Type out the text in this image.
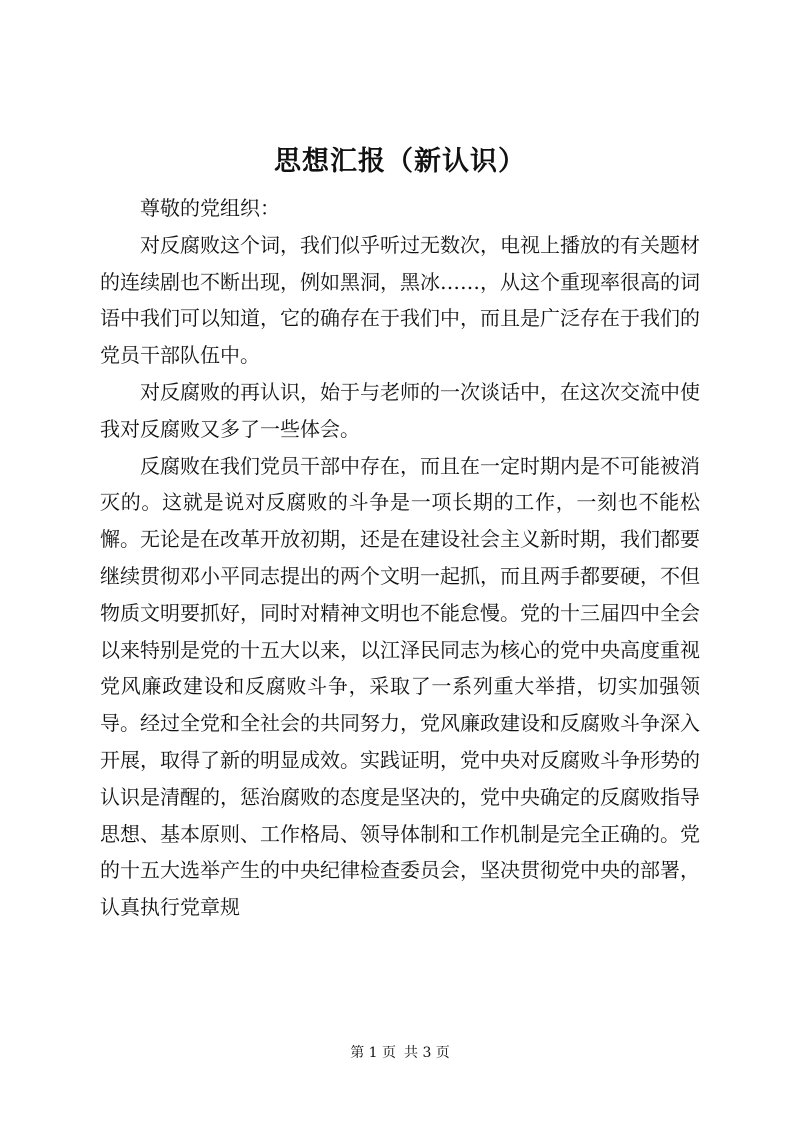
思想汇报（新认识）

尊敬的党组织：

对反腐败这个词，我们似乎听过无数次，电视上播放的有关题材的连续剧也不断出现，例如黑洞，黑冰……，从这个重现率很高的词语中我们可以知道，它的确存在于我们中，而且是广泛存在于我们的党员干部队伍中。

对反腐败的再认识，始于与老师的一次谈话中，在这次交流中使我对反腐败又多了一些体会。

反腐败在我们党员干部中存在，而且在一定时期内是不可能被消灭的。这就是说对反腐败的斗争是一项长期的工作，一刻也不能松懈。无论是在改革开放初期，还是在建设社会主义新时期，我们都要继续贯彻邓小平同志提出的两个文明一起抓，而且两手都要硬，不但物质文明要抓好，同时对精神文明也不能怠慢。党的十三届四中全会以来特别是党的十五大以来，以江泽民同志为核心的党中央高度重视党风廉政建设和反腐败斗争，采取了一系列重大举措，切实加强领导。经过全党和全社会的共同努力，党风廉政建设和反腐败斗争深入开展，取得了新的明显成效。实践证明，党中央对反腐败斗争形势的认识是清醒的，惩治腐败的态度是坚决的，党中央确定的反腐败指导思想、基本原则、工作格局、领导体制和工作机制是完全正确的。党的十五大选举产生的中央纪律检查委员会，坚决贯彻党中央的部署，认真执行党章规

第 1 页 共 3 页
